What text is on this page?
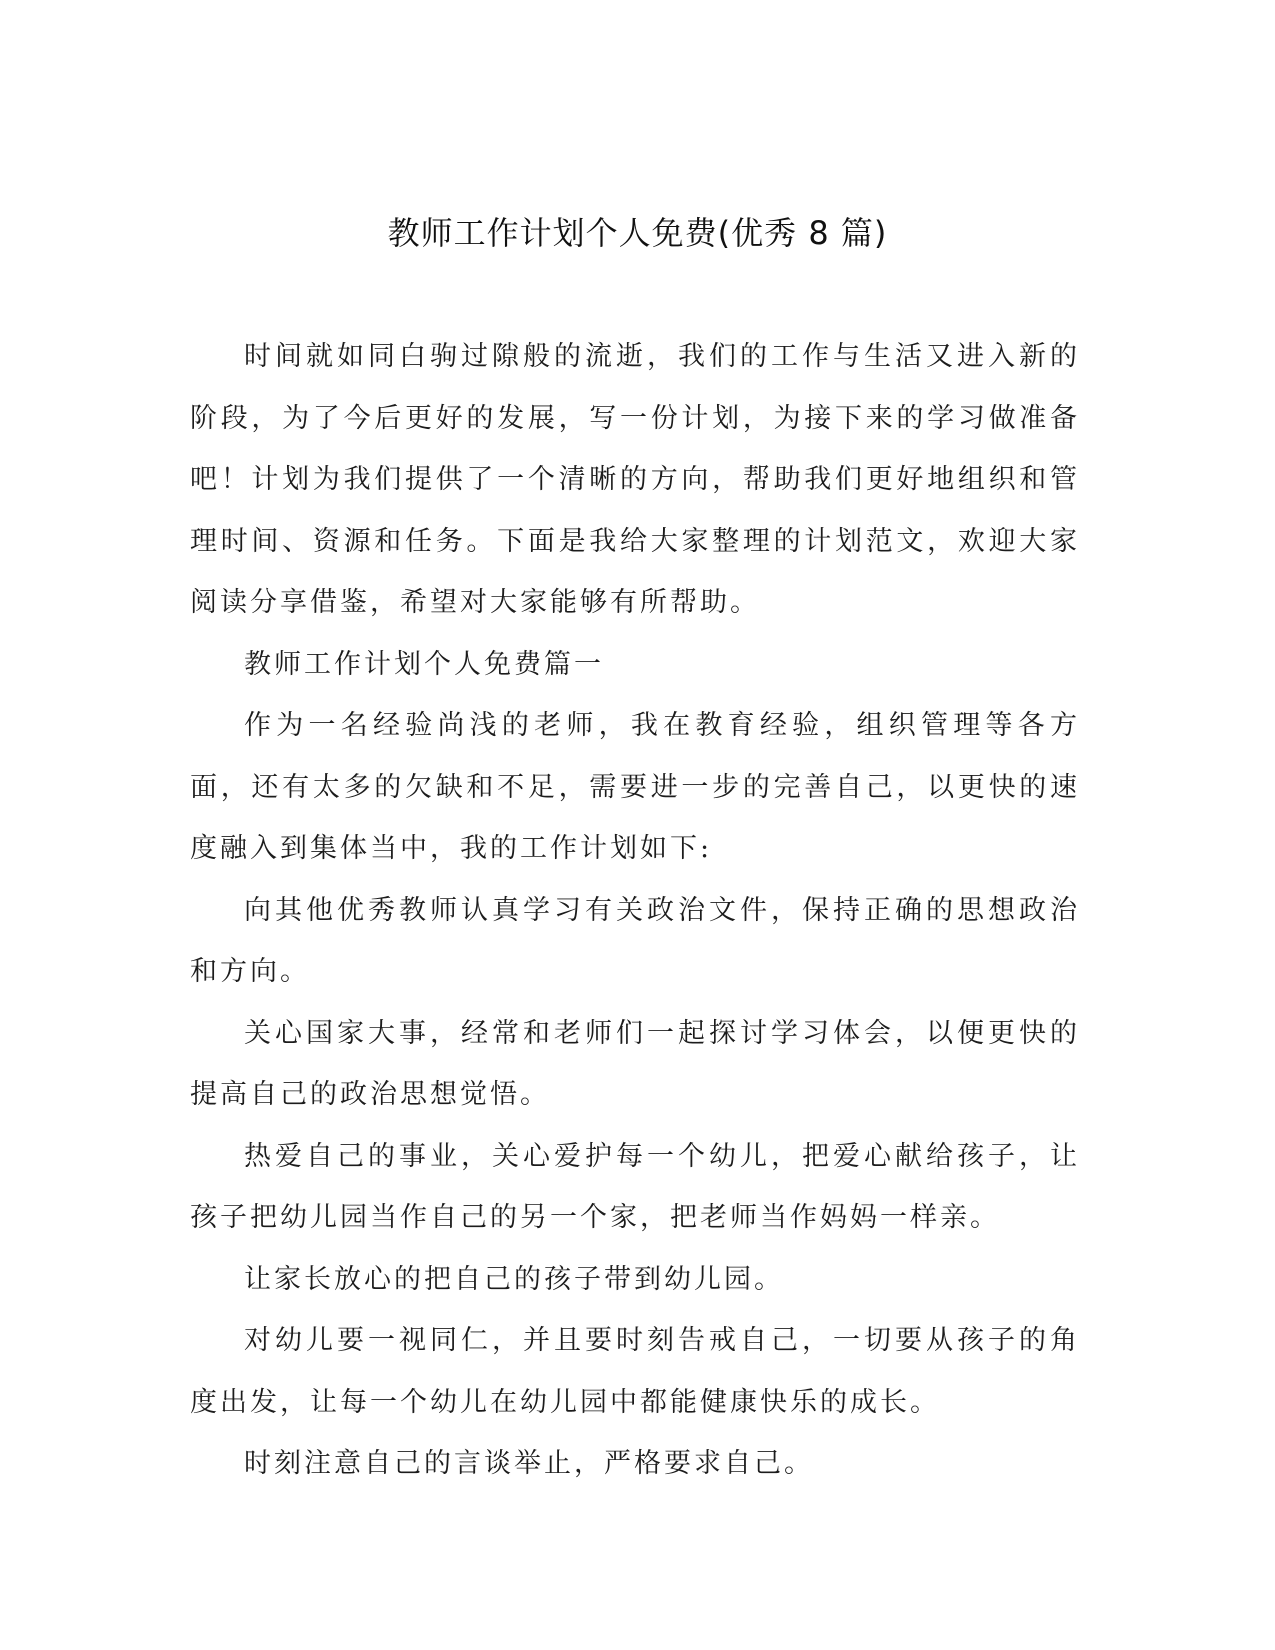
教师工作计划个人免费(优秀 8 篇)

时间就如同白驹过隙般的流逝，我们的工作与生活又进入新的阶段，为了今后更好的发展，写一份计划，为接下来的学习做准备吧！计划为我们提供了一个清晰的方向，帮助我们更好地组织和管理时间、资源和任务。下面是我给大家整理的计划范文，欢迎大家阅读分享借鉴，希望对大家能够有所帮助。

教师工作计划个人免费篇一

作为一名经验尚浅的老师，我在教育经验，组织管理等各方面，还有太多的欠缺和不足，需要进一步的完善自己，以更快的速度融入到集体当中，我的工作计划如下:

向其他优秀教师认真学习有关政治文件，保持正确的思想政治和方向。

关心国家大事，经常和老师们一起探讨学习体会，以便更快的提高自己的政治思想觉悟。

热爱自己的事业，关心爱护每一个幼儿，把爱心献给孩子，让孩子把幼儿园当作自己的另一个家，把老师当作妈妈一样亲。

让家长放心的把自己的孩子带到幼儿园。

对幼儿要一视同仁，并且要时刻告戒自己，一切要从孩子的角度出发，让每一个幼儿在幼儿园中都能健康快乐的成长。

时刻注意自己的言谈举止，严格要求自己。
